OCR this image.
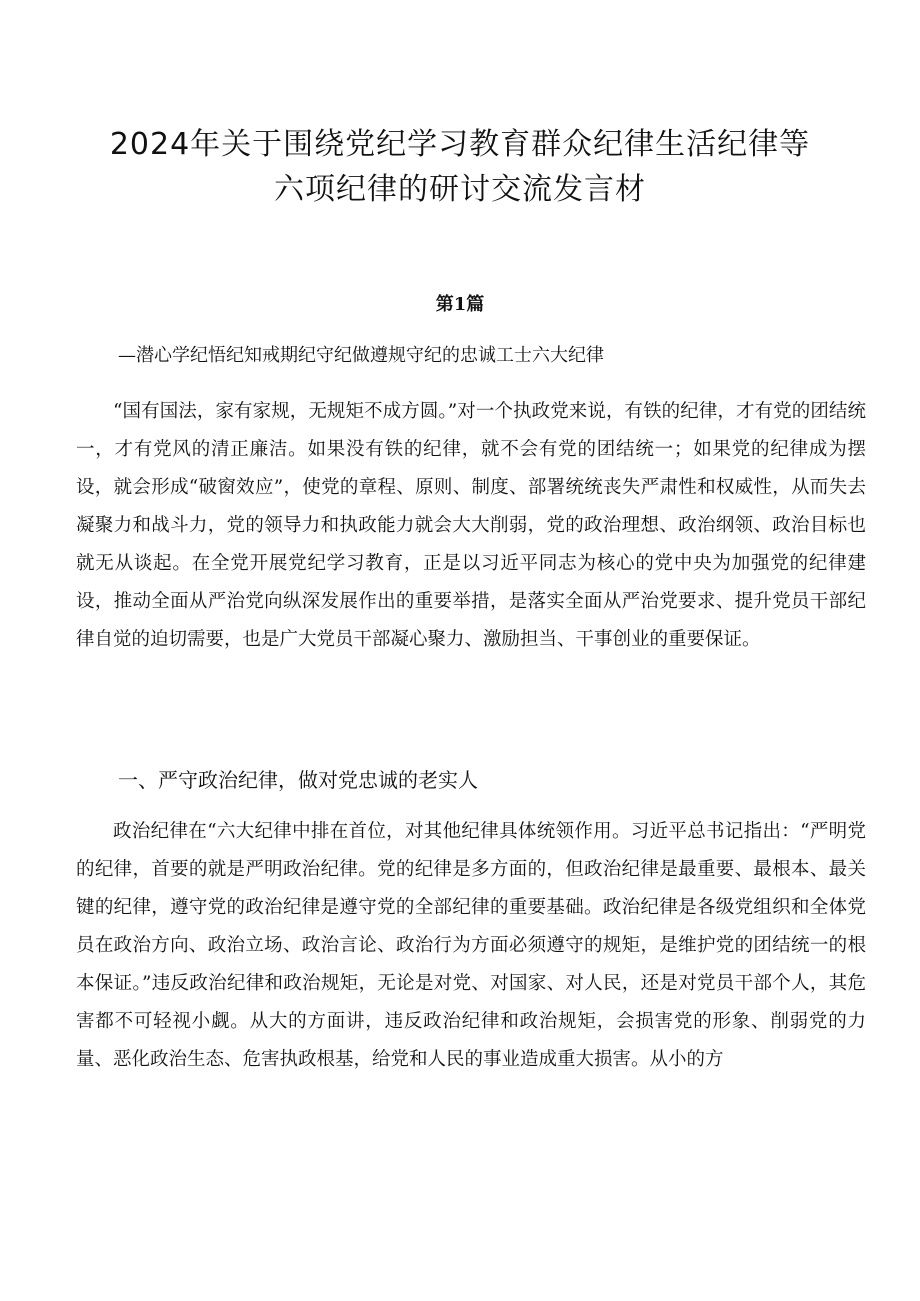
2024年关于围绕党纪学习教育群众纪律生活纪律等
六项纪律的研讨交流发言材
第1篇
—潜心学纪悟纪知戒期纪守纪做遵规守纪的忠诚工士六大纪律

“国有国法，家有家规，无规矩不成方圆。”对一个执政党来说，有铁的纪律，才有党的团结统一，才有党风的清正廉洁。如果没有铁的纪律，就不会有党的团结统一；如果党的纪律成为摆设，就会形成“破窗效应”，使党的章程、原则、制度、部署统统丧失严肃性和权威性，从而失去凝聚力和战斗力，党的领导力和执政能力就会大大削弱，党的政治理想、政治纲领、政治目标也就无从谈起。在全党开展党纪学习教育，正是以习近平同志为核心的党中央为加强党的纪律建设，推动全面从严治党向纵深发展作出的重要举措，是落实全面从严治党要求、提升党员干部纪律自觉的迫切需要，也是广大党员干部凝心聚力、激励担当、干事创业的重要保证。

一、严守政治纪律，做对党忠诚的老实人

政治纪律在“六大纪律中排在首位，对其他纪律具体统领作用。习近平总书记指出：“严明党的纪律，首要的就是严明政治纪律。党的纪律是多方面的，但政治纪律是最重要、最根本、最关键的纪律，遵守党的政治纪律是遵守党的全部纪律的重要基础。政治纪律是各级党组织和全体党员在政治方向、政治立场、政治言论、政治行为方面必须遵守的规矩，是维护党的团结统一的根本保证。”违反政治纪律和政治规矩，无论是对党、对国家、对人民，还是对党员干部个人，其危害都不可轻视小觑。从大的方面讲，违反政治纪律和政治规矩，会损害党的形象、削弱党的力量、恶化政治生态、危害执政根基，给党和人民的事业造成重大损害。从小的方
